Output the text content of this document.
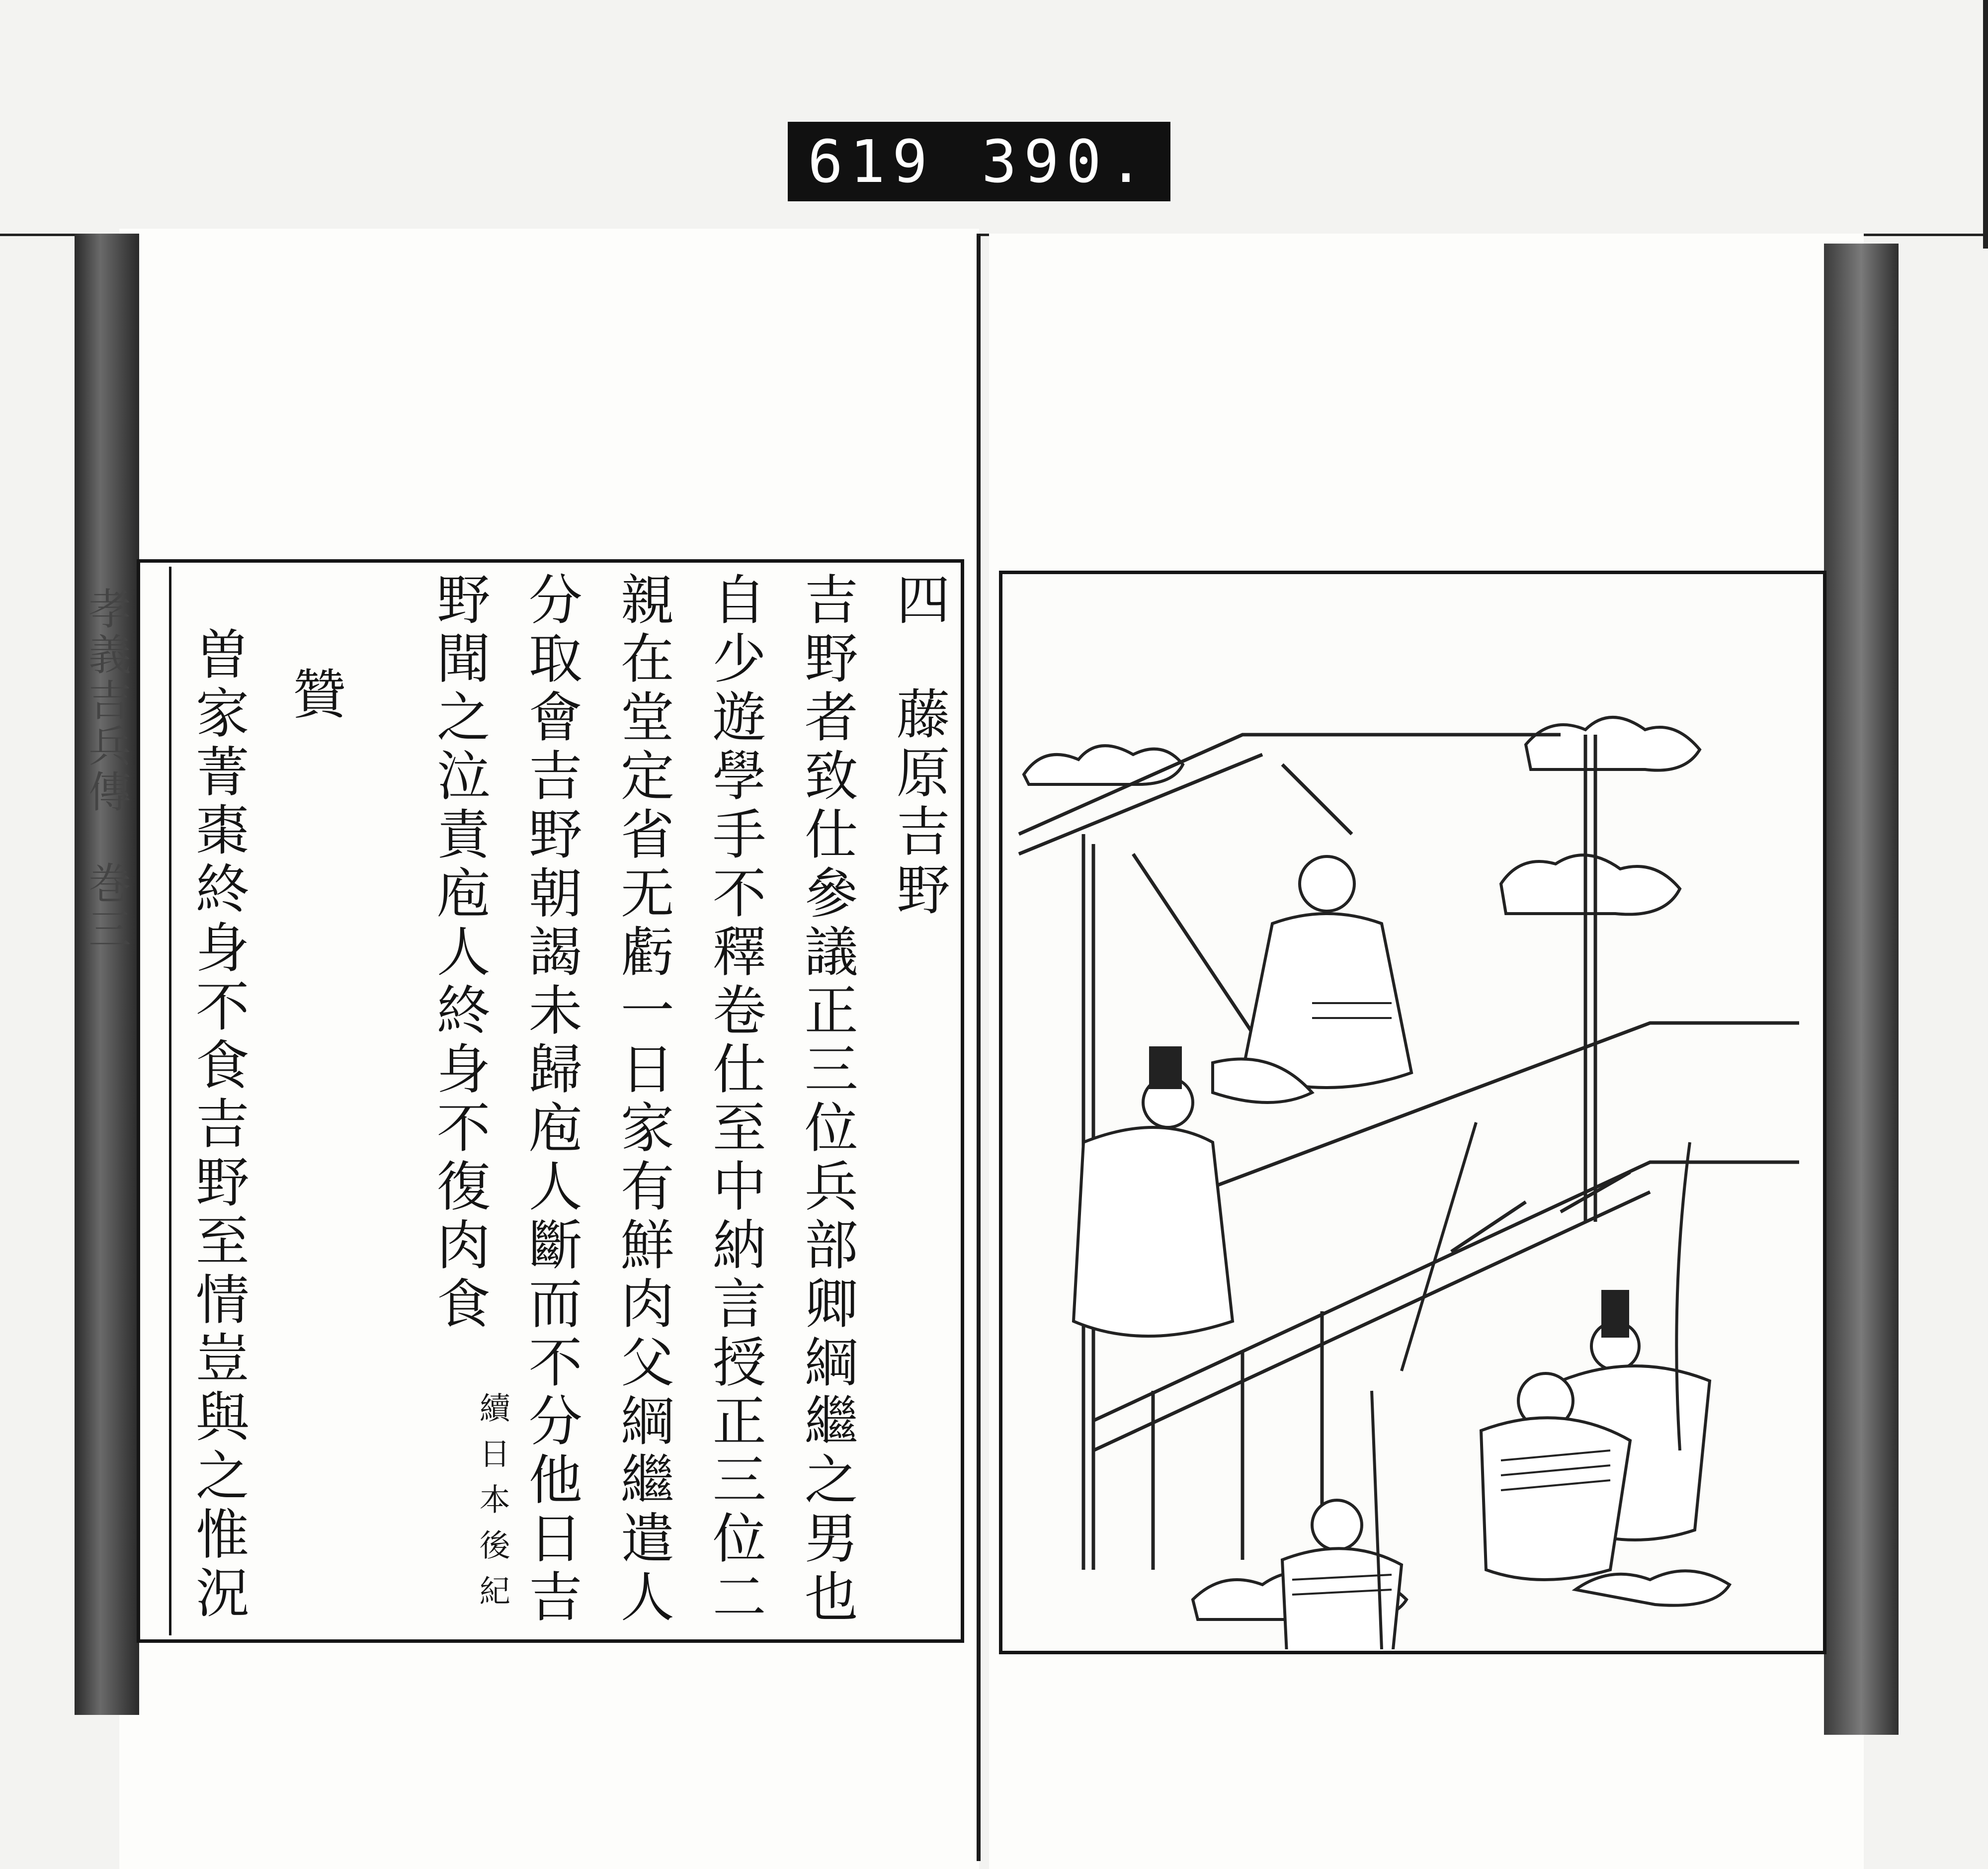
619 390.
孝義吉兵傳　巻三	四
藤原吉野
吉野者致仕參議正三位兵部卿綱繼之男也
自少遊學手不釋卷仕至中納言授正三位二
親在堂定省无虧一日家有鮮肉父綱繼遣人
分取會吉野朝謁未歸庖人斷而不分他日吉
野聞之泣責庖人終身不復肉食
續日本後紀
贊
曽家菁棗終身不食吉野至情豈與之惟況
